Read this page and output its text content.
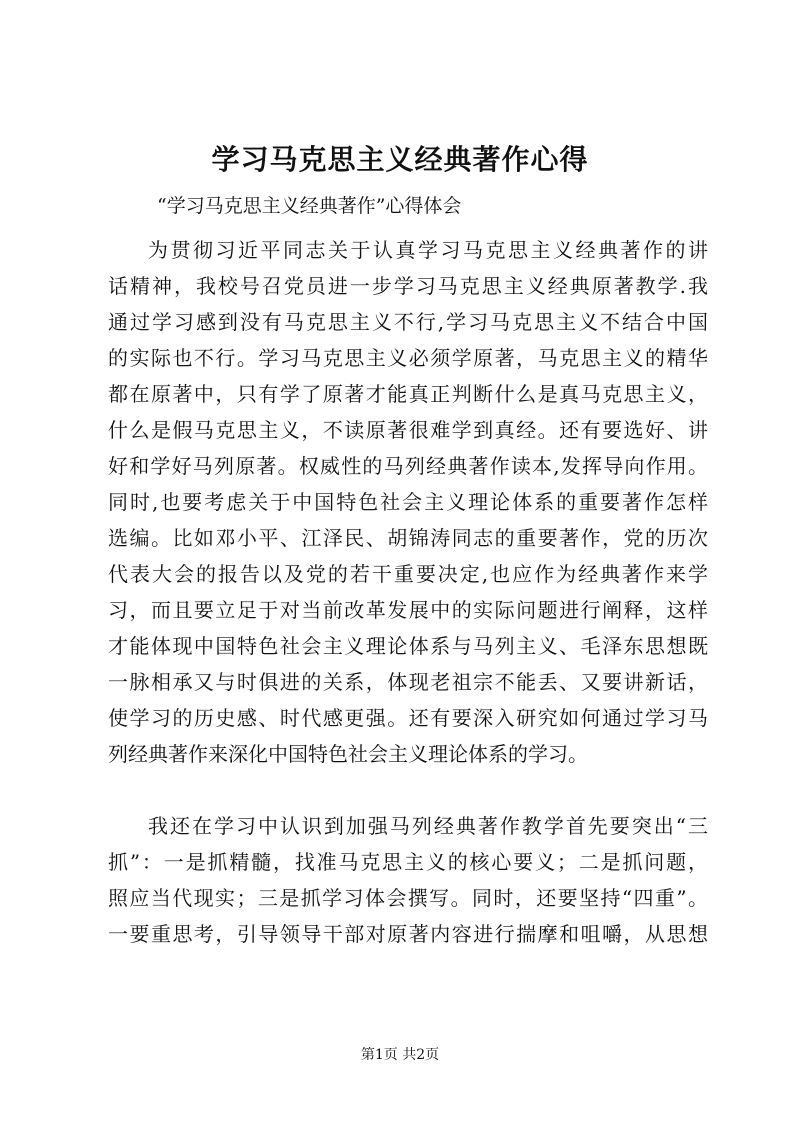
学习马克思主义经典著作心得
“学习马克思主义经典著作”心得体会
为贯彻习近平同志关于认真学习马克思主义经典著作的讲
话精神，我校号召党员进一步学习马克思主义经典原著教学.我
通过学习感到没有马克思主义不行,学习马克思主义不结合中国
的实际也不行。学习马克思主义必须学原著，马克思主义的精华
都在原著中，只有学了原著才能真正判断什么是真马克思主义，
什么是假马克思主义，不读原著很难学到真经。还有要选好、讲
好和学好马列原著。权威性的马列经典著作读本,发挥导向作用。
同时,也要考虑关于中国特色社会主义理论体系的重要著作怎样
选编。比如邓小平、江泽民、胡锦涛同志的重要著作，党的历次
代表大会的报告以及党的若干重要决定,也应作为经典著作来学
习，而且要立足于对当前改革发展中的实际问题进行阐释，这样
才能体现中国特色社会主义理论体系与马列主义、毛泽东思想既
一脉相承又与时俱进的关系，体现老祖宗不能丢、又要讲新话，
使学习的历史感、时代感更强。还有要深入研究如何通过学习马
列经典著作来深化中国特色社会主义理论体系的学习。
我还在学习中认识到加强马列经典著作教学首先要突出“三
抓”：一是抓精髓，找准马克思主义的核心要义；二是抓问题，
照应当代现实；三是抓学习体会撰写。同时，还要坚持“四重”。
一要重思考，引导领导干部对原著内容进行揣摩和咀嚼，从思想
第1页 共2页
